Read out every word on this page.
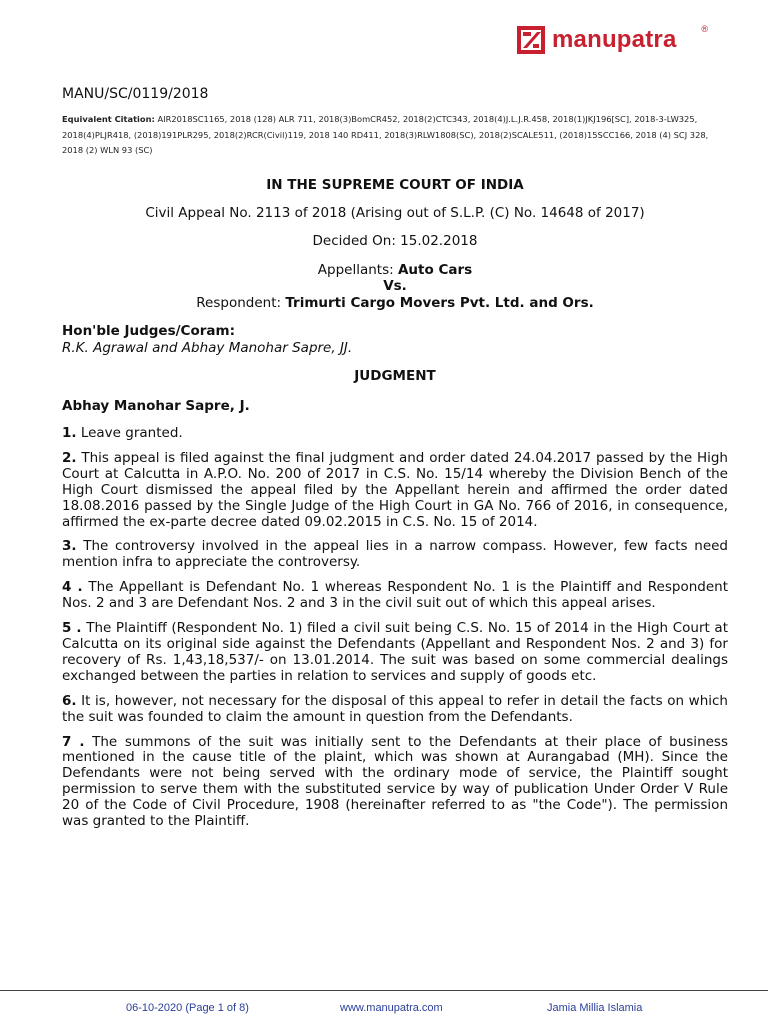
manupatra	®
MANU/SC/0119/2018
Equivalent Citation: AIR2018SC1165, 2018 (128) ALR 711, 2018(3)BomCR452, 2018(2)CTC343, 2018(4)J.L.J.R.458, 2018(1)JKJ196[SC], 2018-3-LW325, 2018(4)PLJR418, (2018)191PLR295, 2018(2)RCR(Civil)119, 2018 140 RD411, 2018(3)RLW1808(SC), 2018(2)SCALE511, (2018)15SCC166, 2018 (4) SCJ 328, 2018 (2) WLN 93 (SC)
IN THE SUPREME COURT OF INDIA
Civil Appeal No. 2113 of 2018 (Arising out of S.L.P. (C) No. 14648 of 2017)
Decided On: 15.02.2018
Appellants: Auto Cars
Vs.
Respondent: Trimurti Cargo Movers Pvt. Ltd. and Ors.
Hon'ble Judges/Coram:
R.K. Agrawal and Abhay Manohar Sapre, JJ.
JUDGMENT
Abhay Manohar Sapre, J.

1. Leave granted.

2. This appeal is filed against the final judgment and order dated 24.04.2017 passed by the High Court at Calcutta in A.P.O. No. 200 of 2017 in C.S. No. 15/14 whereby the Division Bench of the High Court dismissed the appeal filed by the Appellant herein and affirmed the order dated 18.08.2016 passed by the Single Judge of the High Court in GA No. 766 of 2016, in consequence, affirmed the ex-parte decree dated 09.02.2015 in C.S. No. 15 of 2014.

3. The controversy involved in the appeal lies in a narrow compass. However, few facts need mention infra to appreciate the controversy.

4 . The Appellant is Defendant No. 1 whereas Respondent No. 1 is the Plaintiff and Respondent Nos. 2 and 3 are Defendant Nos. 2 and 3 in the civil suit out of which this appeal arises.

5 . The Plaintiff (Respondent No. 1) filed a civil suit being C.S. No. 15 of 2014 in the High Court at Calcutta on its original side against the Defendants (Appellant and Respondent Nos. 2 and 3) for recovery of Rs. 1,43,18,537/- on 13.01.2014. The suit was based on some commercial dealings exchanged between the parties in relation to services and supply of goods etc.

6. It is, however, not necessary for the disposal of this appeal to refer in detail the facts on which the suit was founded to claim the amount in question from the Defendants.

7 . The summons of the suit was initially sent to the Defendants at their place of business mentioned in the cause title of the plaint, which was shown at Aurangabad (MH). Since the Defendants were not being served with the ordinary mode of service, the Plaintiff sought permission to serve them with the substituted service by way of publication Under Order V Rule 20 of the Code of Civil Procedure, 1908 (hereinafter referred to as "the Code"). The permission was granted to the Plaintiff.

06-10-2020 (Page 1 of 8)	www.manupatra.com	Jamia Millia Islamia
